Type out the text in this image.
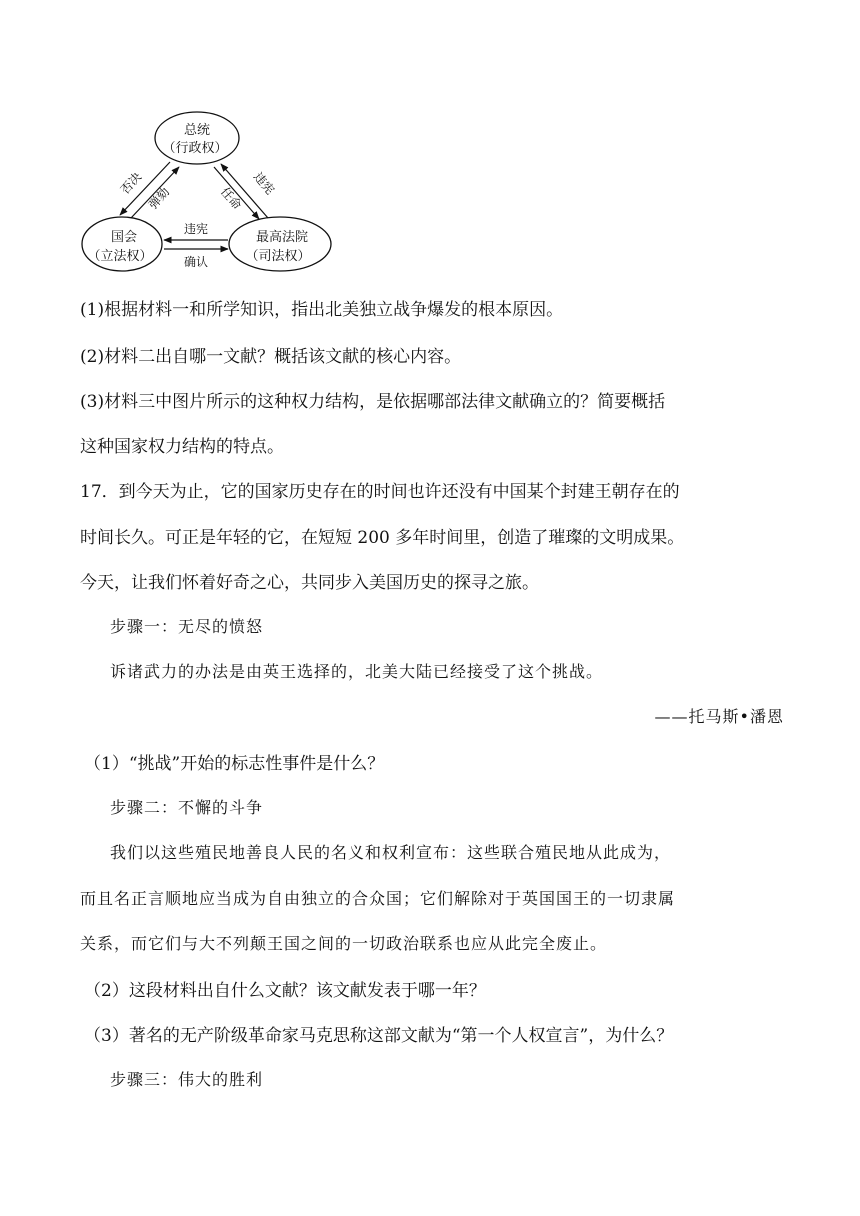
总统
（行政权）
国会
（立法权）
最高法院
（司法权）
否决
弹劾	任命
违宪
违宪
确认
(1)根据材料一和所学知识，指出北美独立战争爆发的根本原因。
(2)材料二出自哪一文献？概括该文献的核心内容。
(3)材料三中图片所示的这种权力结构，是依据哪部法律文献确立的？简要概括
这种国家权力结构的特点。
17．到今天为止，它的国家历史存在的时间也许还没有中国某个封建王朝存在的
时间长久。可正是年轻的它，在短短 200 多年时间里，创造了璀璨的文明成果。
今天，让我们怀着好奇之心，共同步入美国历史的探寻之旅。
步骤一：无尽的愤怒
诉诸武力的办法是由英王选择的，北美大陆已经接受了这个挑战。
——托马斯•潘恩
（1）“挑战”开始的标志性事件是什么？
步骤二：不懈的斗争
我们以这些殖民地善良人民的名义和权利宣布：这些联合殖民地从此成为，
而且名正言顺地应当成为自由独立的合众国；它们解除对于英国国王的一切隶属
关系，而它们与大不列颠王国之间的一切政治联系也应从此完全废止。
（2）这段材料出自什么文献？该文献发表于哪一年？
（3）著名的无产阶级革命家马克思称这部文献为“第一个人权宣言”，为什么？
步骤三：伟大的胜利
